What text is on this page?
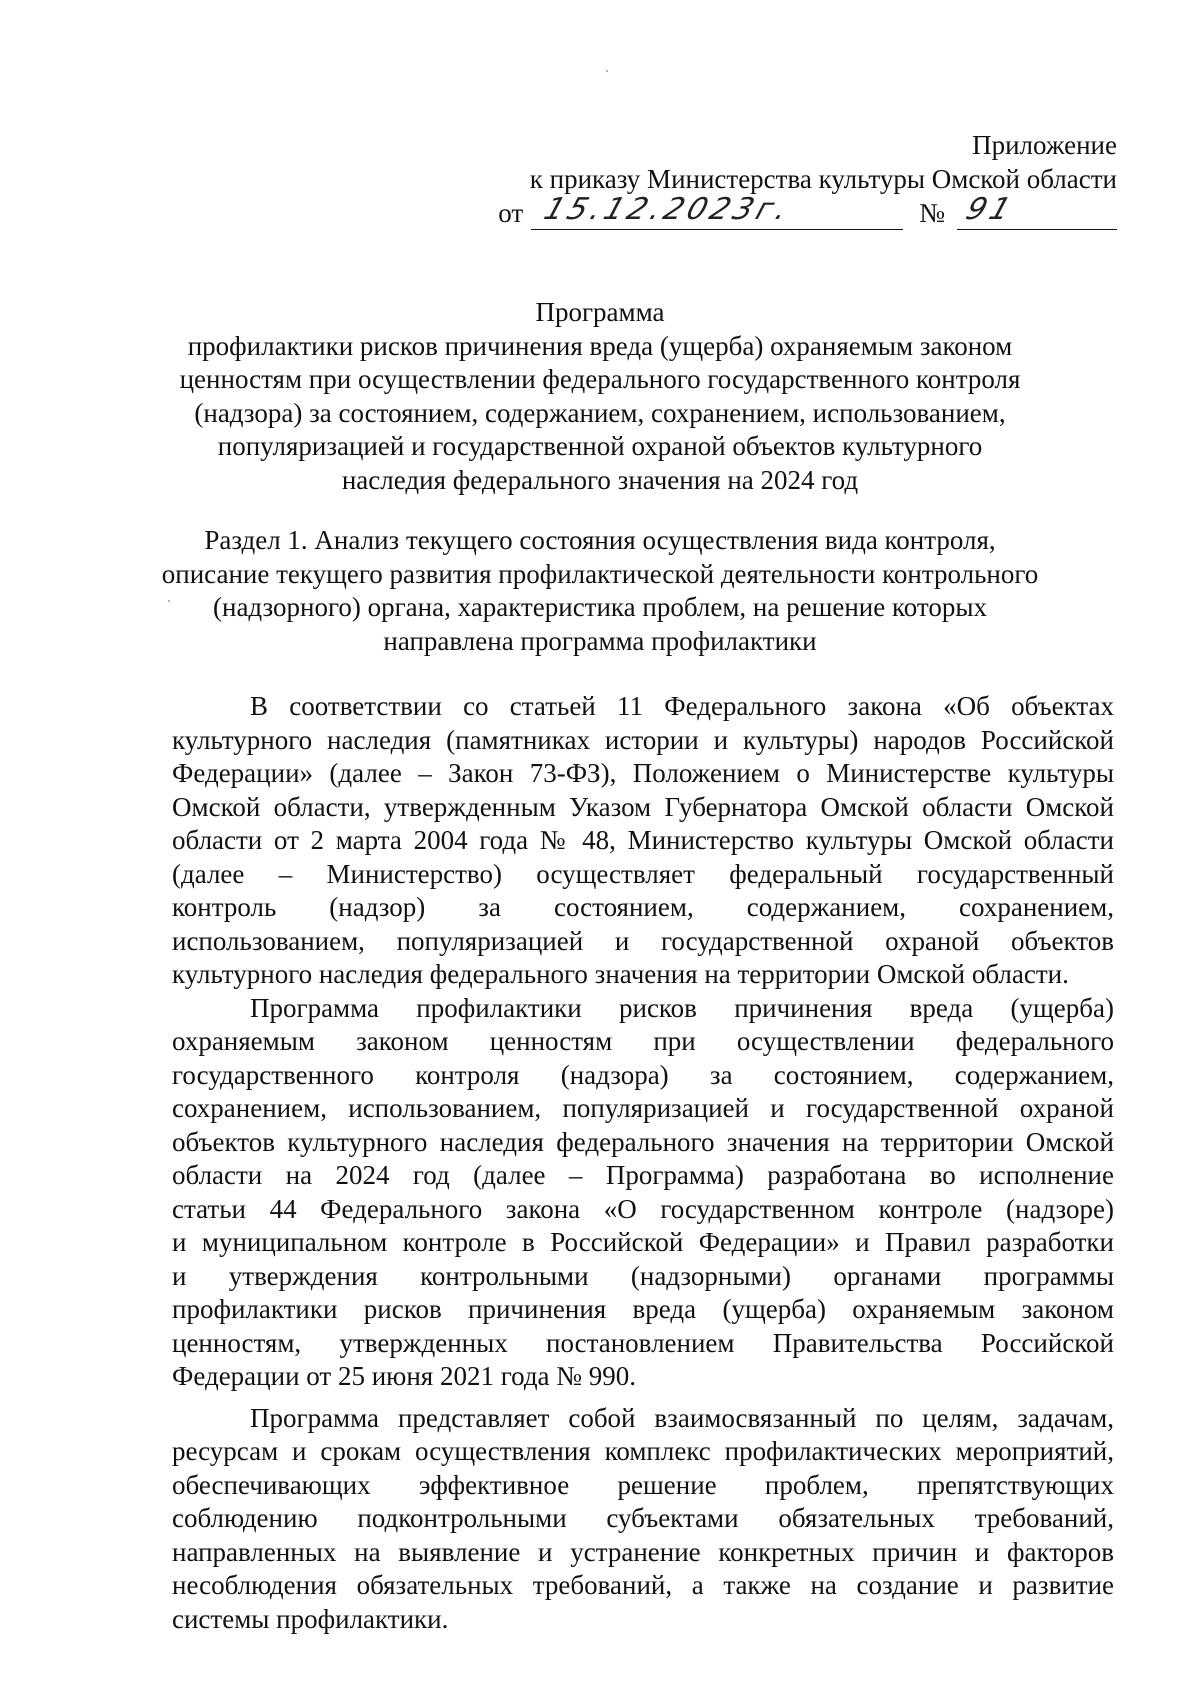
Приложение
к приказу Министерства культуры Омской области
от 15.12.2023г.	№ 91
Программа
профилактики рисков причинения вреда (ущерба) охраняемым законом
ценностям при осуществлении федерального государственного контроля
(надзора) за состоянием, содержанием, сохранением, использованием,
популяризацией и государственной охраной объектов культурного
наследия федерального значения на 2024 год
Раздел 1. Анализ текущего состояния осуществления вида контроля,
описание текущего развития профилактической деятельности контрольного
(надзорного) органа, характеристика проблем, на решение которых
направлена программа профилактики
В соответствии со статьей 11 Федерального закона «Об объектах
культурного наследия (памятниках истории и культуры) народов Российской
Федерации» (далее – Закон 73-ФЗ), Положением о Министерстве культуры
Омской области, утвержденным Указом Губернатора Омской области Омской
области от 2 марта 2004 года № 48, Министерство культуры Омской области
(далее – Министерство) осуществляет федеральный государственный
контроль (надзор) за состоянием, содержанием, сохранением,
использованием, популяризацией и государственной охраной объектов
культурного наследия федерального значения на территории Омской области.
Программа профилактики рисков причинения вреда (ущерба)
охраняемым законом ценностям при осуществлении федерального
государственного контроля (надзора) за состоянием, содержанием,
сохранением, использованием, популяризацией и государственной охраной
объектов культурного наследия федерального значения на территории Омской
области на 2024 год (далее – Программа) разработана во исполнение
статьи 44 Федерального закона «О государственном контроле (надзоре)
и муниципальном контроле в Российской Федерации» и Правил разработки
и утверждения контрольными (надзорными) органами программы
профилактики рисков причинения вреда (ущерба) охраняемым законом
ценностям, утвержденных постановлением Правительства Российской
Федерации от 25 июня 2021 года № 990.
Программа представляет собой взаимосвязанный по целям, задачам,
ресурсам и срокам осуществления комплекс профилактических мероприятий,
обеспечивающих эффективное решение проблем, препятствующих
соблюдению подконтрольными субъектами обязательных требований,
направленных на выявление и устранение конкретных причин и факторов
несоблюдения обязательных требований, а также на создание и развитие
системы профилактики.
